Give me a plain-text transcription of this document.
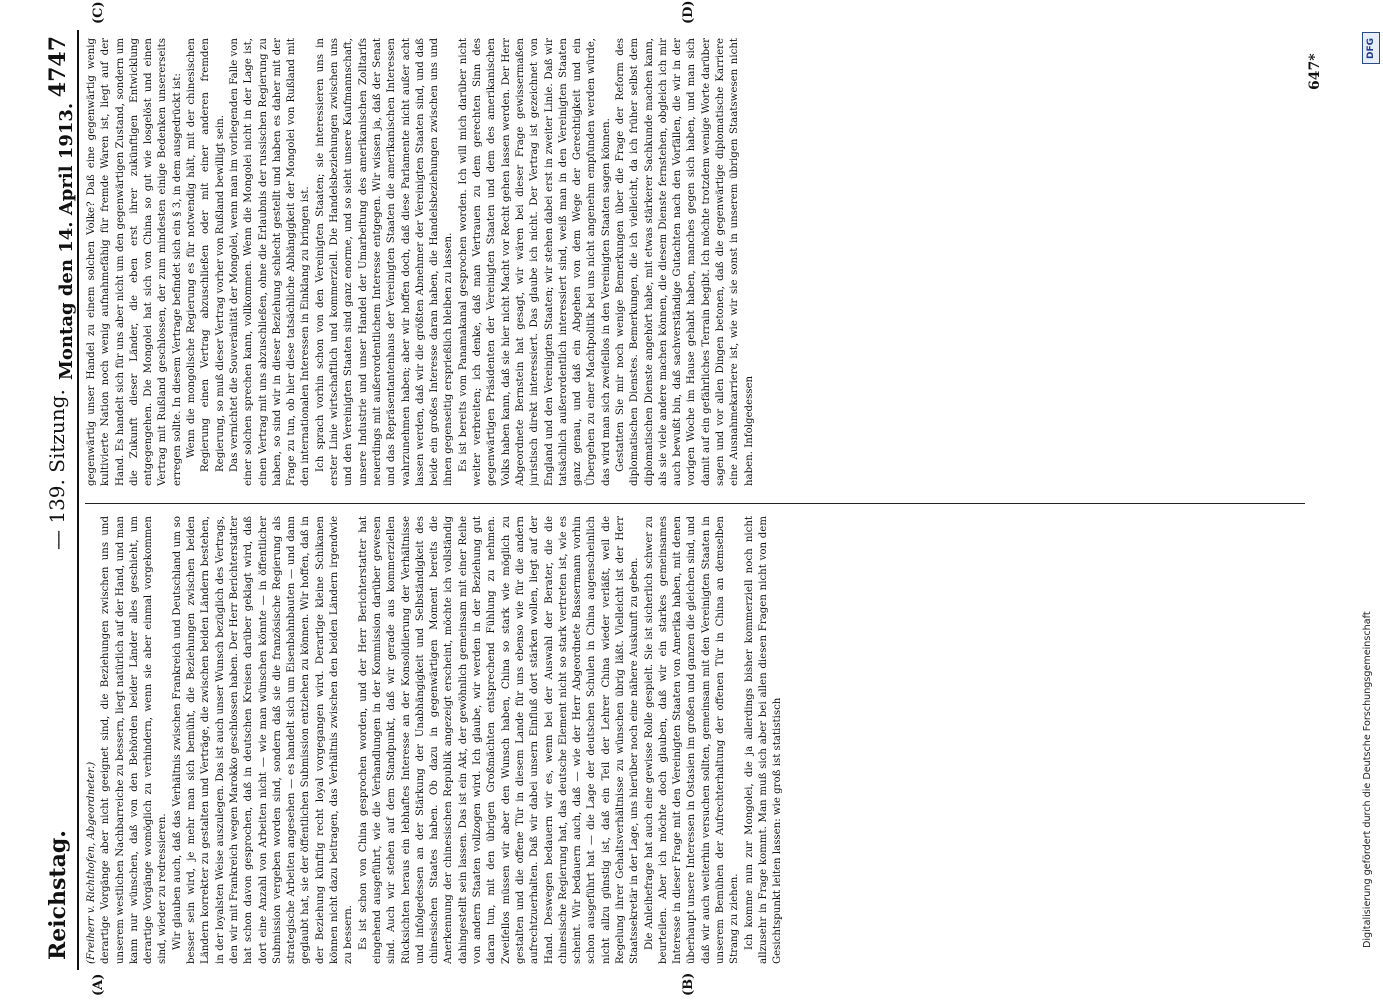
Reichstag.
— 139. Sitzung.
4747
(A)	(B)
(C)	(D)

(Freiherr v. Richthofen, Abgeordneter.) derartige Vorgänge aber nicht geeignet sind, die Beziehungen zwischen uns und unserem westlichen Nachbarreiche zu bessern, liegt natürlich auf der Hand, und man kann nur wünschen, daß von den Behörden beider Länder alles geschieht, um derartige Vorgänge womöglich zu verhindern, wenn sie aber einmal vorgekommen sind, wieder zu redressieren. Wir glauben auch, daß das Verhältnis zwischen Frankreich und Deutschland um so besser sein wird, je mehr man sich bemüht, die Beziehungen zwischen beiden Ländern korrekter zu gestalten und Verträge, die zwischen beiden Ländern bestehen, in der loyalsten Weise auszulegen. Das ist auch unser Wunsch bezüglich des Vertrags, den wir mit Frankreich wegen Marokko geschlossen haben. Der Herr Berichterstatter hat schon davon gesprochen, daß in deutschen Kreisen darüber geklagt wird, daß dort eine Anzahl von Arbeiten nicht — wie man wünschen könnte — in öffentlicher Submission vergeben worden sind, sondern daß sie die französische Regierung als strategische Arbeiten angesehen — es handelt sich um Eisenbahnbauten — und dann geglaubt hat, sie der öffentlichen Submission entziehen zu können. Wir hoffen, daß in der Beziehung künftig recht loyal vorgegangen wird. Derartige kleine Schikanen können nicht dazu beitragen, das Verhältnis zwischen den beiden Ländern irgendwie zu bessern. Es ist schon von China gesprochen worden, und der Herr Berichterstatter hat eingehend ausgeführt, wie die Verhandlungen in der Kommission darüber gewesen sind. Auch wir stehen auf dem Standpunkt, daß wir gerade aus kommerziellen Rücksichten heraus ein lebhaftes Interesse an der Konsolidierung der Verhältnisse und infolgedessen an der Stärkung der Unabhängigkeit und Selbständigkeit des chinesischen Staates haben. Ob dazu in gegenwärtigen Moment bereits die Anerkennung der chinesischen Republik angezeigt erscheint, möchte ich vollständig dahingestellt sein lassen. Das ist ein Akt, der gewöhnlich gemeinsam mit einer Reihe von andern Staaten vollzogen wird. Ich glaube, wir werden in der Beziehung gut daran tun, mit den übrigen Großmächten entsprechend Fühlung zu nehmen. Zweifellos müssen wir aber den Wunsch haben, China so stark wie möglich zu gestalten und die offene Tür in diesem Lande für uns ebenso wie für die andern aufrechtzuerhalten. Daß wir dabei unsern Einfluß dort stärken wollen, liegt auf der Hand. Deswegen bedauern wir es, wenn bei der Auswahl der Berater, die die chinesische Regierung hat, das deutsche Element nicht so stark vertreten ist, wie es scheint. Wir bedauern auch, daß — wie der Herr Abgeordnete Bassermann vorhin schon ausgeführt hat — die Lage der deutschen Schulen in China augenscheinlich nicht allzu günstig ist, daß ein Teil der Lehrer China wieder verläßt, weil die Regelung ihrer Gehaltsverhältnisse zu wünschen übrig läßt. Vielleicht ist der Herr Staatssekretär in der Lage, uns hierüber noch eine nähere Auskunft zu geben. Die Anleihefrage hat auch eine gewisse Rolle gespielt. Sie ist sicherlich schwer zu beurteilen. Aber ich möchte doch glauben, daß wir ein starkes gemeinsames Interesse in dieser Frage mit den Vereinigten Staaten von Amerika haben, mit denen überhaupt unsere Interessen in Ostasien im großen und ganzen die gleichen sind, und daß wir auch weiterhin versuchen sollten, gemeinsam mit den Vereinigten Staaten in unserem Bemühen der Aufrechterhaltung der offenen Tür in China an demselben Strang zu ziehen. Ich komme nun zur Mongolei, die ja allerdings bisher kommerziell noch nicht allzusehr in Frage kommt. Man muß sich aber bei allen diesen Fragen nicht von dem Gesichtspunkt leiten lassen: wie groß ist statistisch

gegenwärtig unser Handel zu einem solchen Volke? Daß eine gegenwärtig wenig kultivierte Nation noch wenig aufnahmefähig für fremde Waren ist, liegt auf der Hand. Es handelt sich für uns aber nicht um den gegenwärtigen Zustand, sondern um die Zukunft dieser Länder, die eben erst ihrer zukünftigen Entwicklung entgegengehen. Die Mongolei hat sich von China so gut wie losgelöst und einen Vertrag mit Rußland geschlossen, der zum mindesten einige Bedenken unsererseits erregen sollte. In diesem Vertrage befindet sich ein § 3, in dem ausgedrückt ist: Wenn die mongolische Regierung es für notwendig hält, mit der chinesischen Regierung einen Vertrag abzuschließen oder mit einer anderen fremden Regierung, so muß dieser Vertrag vorher von Rußland bewilligt sein. Das vernichtet die Souveränität der Mongolei, wenn man im vorliegenden Falle von einer solchen sprechen kann, vollkommen. Wenn die Mongolei nicht in der Lage ist, einen Vertrag mit uns abzuschließen, ohne die Erlaubnis der russischen Regierung zu haben, so sind wir in dieser Beziehung schlecht gestellt und haben es daher mit der Frage zu tun, ob hier diese tatsächliche Abhängigkeit der Mongolei von Rußland mit den internationalen Interessen in Einklang zu bringen ist. Ich sprach vorhin schon von den Vereinigten Staaten; sie interessieren uns in erster Linie wirtschaftlich und kommerziell. Die Handelsbeziehungen zwischen uns und den Vereinigten Staaten sind ganz enorme, und so sieht unsere Kaufmannschaft, unsere Industrie und unser Handel der Umarbeitung des amerikanischen Zolltarifs neuerdings mit außerordentlichem Interesse entgegen. Wir wissen ja, daß der Senat und das Repräsentantenhaus der Vereinigten Staaten die amerikanischen Interessen wahrzunehmen haben; aber wir hoffen doch, daß diese Parlamente nicht außer acht lassen werden, daß wir die größten Abnehmer der Vereinigten Staaten sind, und daß beide ein großes Interesse daran haben, die Handelsbeziehungen zwischen uns und ihnen gegenseitig ersprießlich bleiben zu lassen. Es ist bereits vom Panamakanal gesprochen worden. Ich will mich darüber nicht weiter verbreiten; ich denke, daß man Vertrauen zu dem gerechten Sinn des gegenwärtigen Präsidenten der Vereinigten Staaten und dem des amerikanischen Volks haben kann, daß sie hier nicht Macht vor Recht gehen lassen werden. Der Herr Abgeordnete Bernstein hat gesagt, wir wären bei dieser Frage gewissermaßen juristisch direkt interessiert. Das glaube ich nicht. Der Vertrag ist gezeichnet von England und den Vereinigten Staaten; wir stehen dabei erst in zweiter Linie. Daß wir tatsächlich außerordentlich interessiert sind, weiß man in den Vereinigten Staaten ganz genau, und daß ein Abgehen von dem Wege der Gerechtigkeit und ein Übergehen zu einer Machtpolitik bei uns nicht angenehm empfunden werden würde, das wird man sich zweifellos in den Vereinigten Staaten sagen können. Gestatten Sie mir noch wenige Bemerkungen über die Frage der Reform des diplomatischen Dienstes. Bemerkungen, die ich vielleicht, da ich früher selbst dem diplomatischen Dienste angehört habe, mit etwas stärkerer Sachkunde machen kann, als sie viele andere machen können, die diesem Dienste fernstehen, obgleich ich mir auch bewußt bin, daß sachverständige Gutachten nach den Vorfällen, die wir in der vorigen Woche im Hause gehabt haben, manches gegen sich haben, und man sich damit auf ein gefährliches Terrain begibt. Ich möchte trotzdem wenige Worte darüber sagen und vor allen Dingen betonen, daß die gegenwärtige diplomatische Karriere eine Ausnahmekarriere ist, wie wir sie sonst in unserem übrigen Staatswesen nicht haben. Infolgedessen

647*
Montag den 14. April 1913.
DFG
Digitalisierung gefördert durch die Deutsche Forschungsgemeinschaft
